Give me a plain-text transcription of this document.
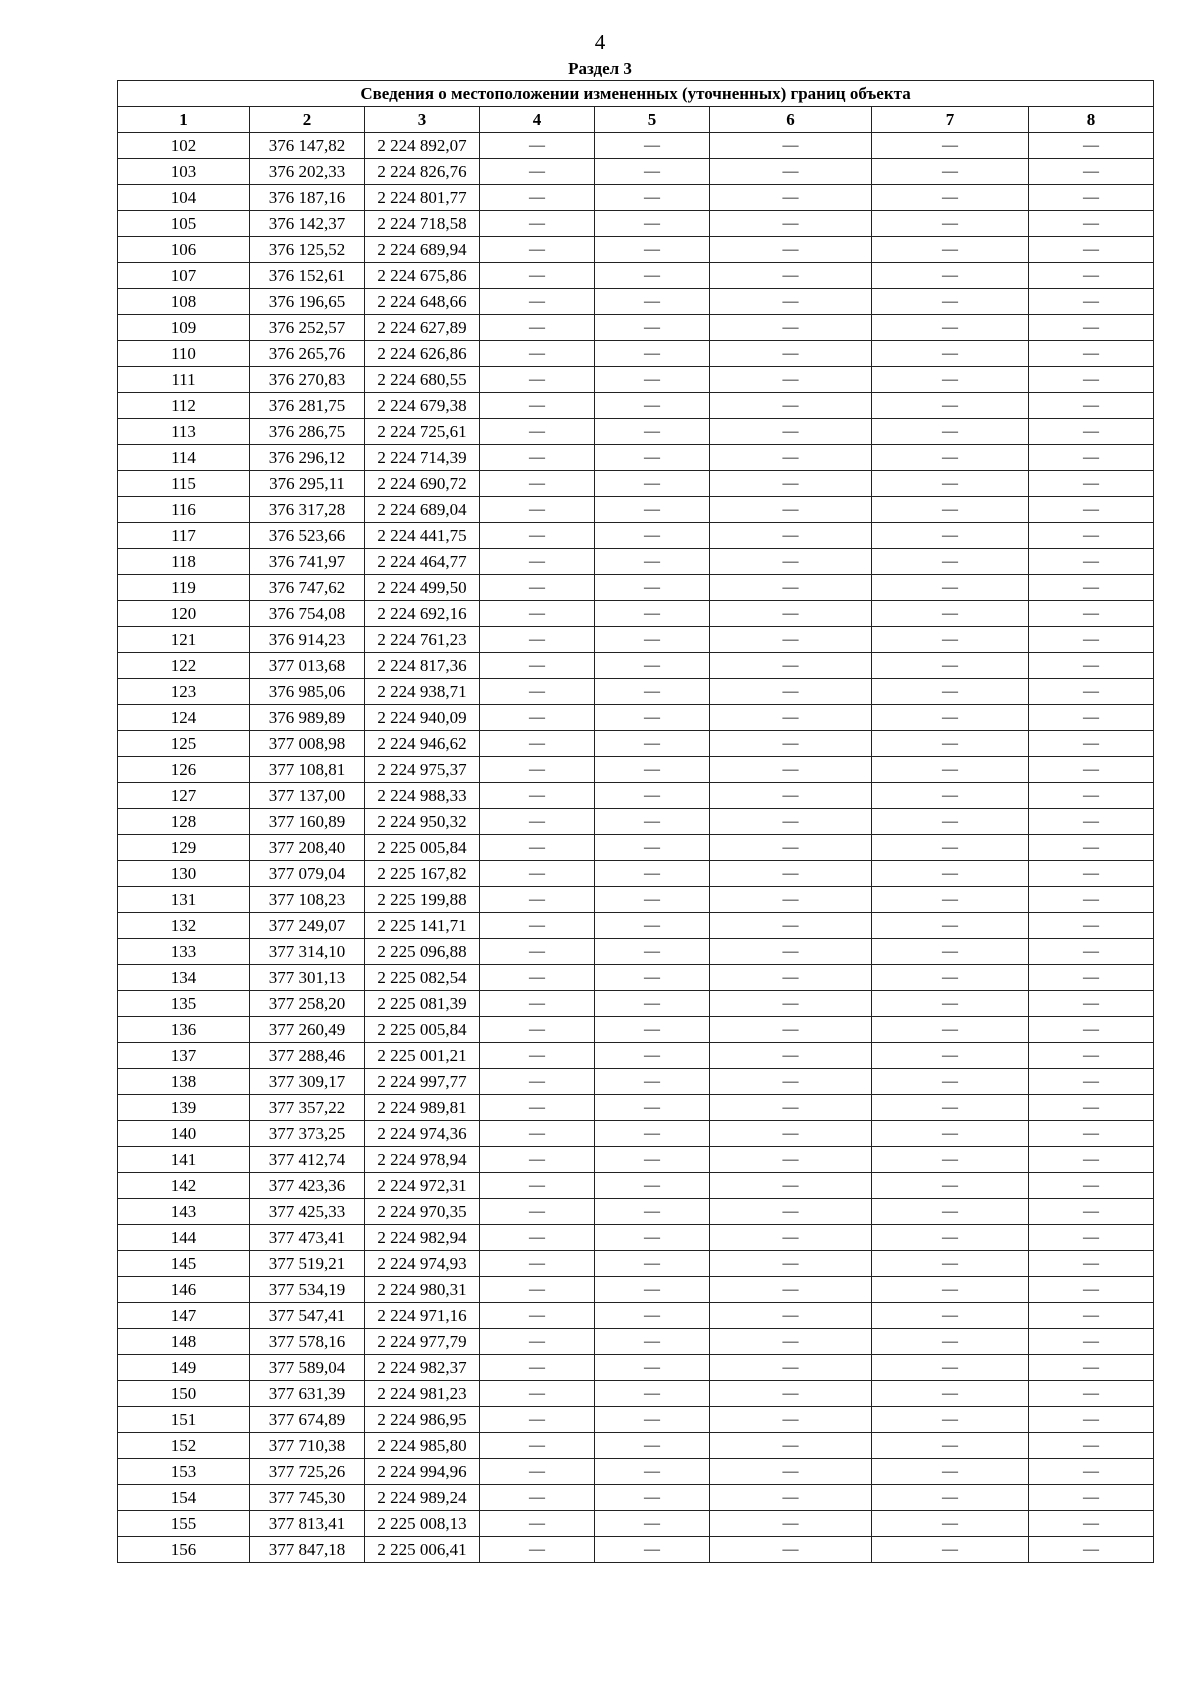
4
Раздел 3
Сведения о местоположении измененных (уточненных) границ объекта							
1	2	3	4	5	6	7	8
102	376 147,82	2 224 892,07	—	—	—	—	—
103	376 202,33	2 224 826,76	—	—	—	—	—
104	376 187,16	2 224 801,77	—	—	—	—	—
105	376 142,37	2 224 718,58	—	—	—	—	—
106	376 125,52	2 224 689,94	—	—	—	—	—
107	376 152,61	2 224 675,86	—	—	—	—	—
108	376 196,65	2 224 648,66	—	—	—	—	—
109	376 252,57	2 224 627,89	—	—	—	—	—
110	376 265,76	2 224 626,86	—	—	—	—	—
111	376 270,83	2 224 680,55	—	—	—	—	—
112	376 281,75	2 224 679,38	—	—	—	—	—
113	376 286,75	2 224 725,61	—	—	—	—	—
114	376 296,12	2 224 714,39	—	—	—	—	—
115	376 295,11	2 224 690,72	—	—	—	—	—
116	376 317,28	2 224 689,04	—	—	—	—	—
117	376 523,66	2 224 441,75	—	—	—	—	—
118	376 741,97	2 224 464,77	—	—	—	—	—
119	376 747,62	2 224 499,50	—	—	—	—	—
120	376 754,08	2 224 692,16	—	—	—	—	—
121	376 914,23	2 224 761,23	—	—	—	—	—
122	377 013,68	2 224 817,36	—	—	—	—	—
123	376 985,06	2 224 938,71	—	—	—	—	—
124	376 989,89	2 224 940,09	—	—	—	—	—
125	377 008,98	2 224 946,62	—	—	—	—	—
126	377 108,81	2 224 975,37	—	—	—	—	—
127	377 137,00	2 224 988,33	—	—	—	—	—
128	377 160,89	2 224 950,32	—	—	—	—	—
129	377 208,40	2 225 005,84	—	—	—	—	—
130	377 079,04	2 225 167,82	—	—	—	—	—
131	377 108,23	2 225 199,88	—	—	—	—	—
132	377 249,07	2 225 141,71	—	—	—	—	—
133	377 314,10	2 225 096,88	—	—	—	—	—
134	377 301,13	2 225 082,54	—	—	—	—	—
135	377 258,20	2 225 081,39	—	—	—	—	—
136	377 260,49	2 225 005,84	—	—	—	—	—
137	377 288,46	2 225 001,21	—	—	—	—	—
138	377 309,17	2 224 997,77	—	—	—	—	—
139	377 357,22	2 224 989,81	—	—	—	—	—
140	377 373,25	2 224 974,36	—	—	—	—	—
141	377 412,74	2 224 978,94	—	—	—	—	—
142	377 423,36	2 224 972,31	—	—	—	—	—
143	377 425,33	2 224 970,35	—	—	—	—	—
144	377 473,41	2 224 982,94	—	—	—	—	—
145	377 519,21	2 224 974,93	—	—	—	—	—
146	377 534,19	2 224 980,31	—	—	—	—	—
147	377 547,41	2 224 971,16	—	—	—	—	—
148	377 578,16	2 224 977,79	—	—	—	—	—
149	377 589,04	2 224 982,37	—	—	—	—	—
150	377 631,39	2 224 981,23	—	—	—	—	—
151	377 674,89	2 224 986,95	—	—	—	—	—
152	377 710,38	2 224 985,80	—	—	—	—	—
153	377 725,26	2 224 994,96	—	—	—	—	—
154	377 745,30	2 224 989,24	—	—	—	—	—
155	377 813,41	2 225 008,13	—	—	—	—	—
156	377 847,18	2 225 006,41	—	—	—	—	—
